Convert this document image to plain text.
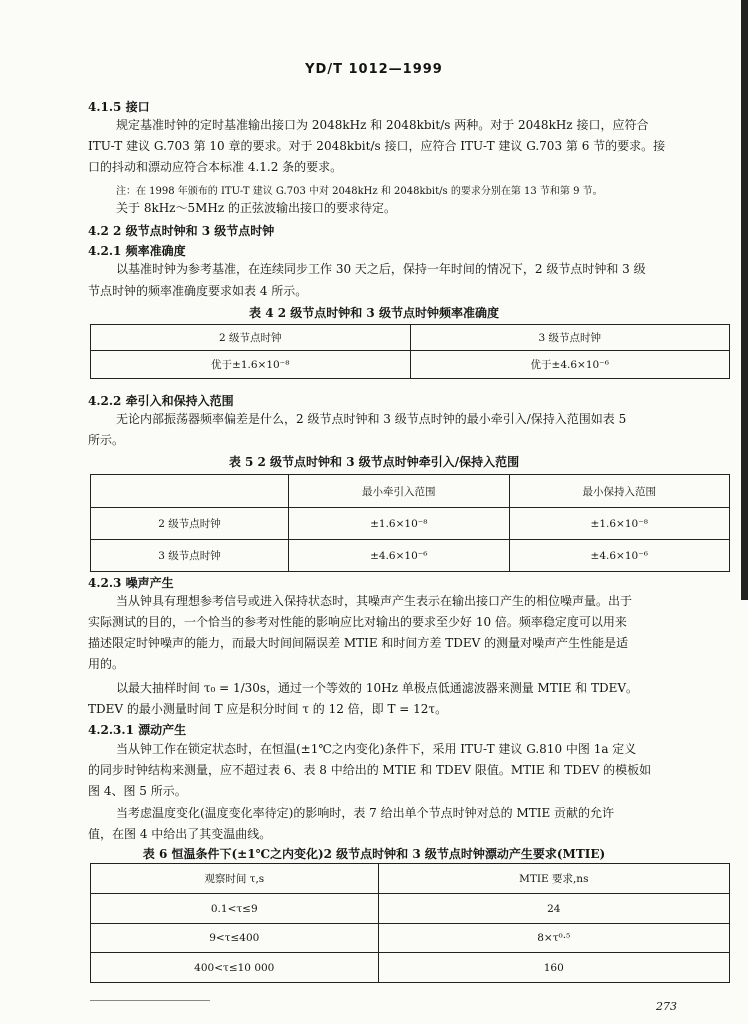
YD/T 1012—1999
4.1.5 接口
规定基准时钟的定时基准输出接口为 2048kHz 和 2048kbit/s 两种。对于 2048kHz 接口，应符合
ITU-T 建议 G.703 第 10 章的要求。对于 2048kbit/s 接口，应符合 ITU-T 建议 G.703 第 6 节的要求。接
口的抖动和漂动应符合本标准 4.1.2 条的要求。
注：在 1998 年颁布的 ITU-T 建议 G.703 中对 2048kHz 和 2048kbit/s 的要求分别在第 13 节和第 9 节。
关于 8kHz～5MHz 的正弦波输出接口的要求待定。
4.2 2 级节点时钟和 3 级节点时钟
4.2.1 频率准确度
以基准时钟为参考基准，在连续同步工作 30 天之后，保持一年时间的情况下，2 级节点时钟和 3 级
节点时钟的频率准确度要求如表 4 所示。
表 4 2 级节点时钟和 3 级节点时钟频率准确度
2 级节点时钟	3 级节点时钟
优于±1.6×10⁻⁸	优于±4.6×10⁻⁶
4.2.2 牵引入和保持入范围
无论内部振荡器频率偏差是什么，2 级节点时钟和 3 级节点时钟的最小牵引入/保持入范围如表 5
所示。
表 5 2 级节点时钟和 3 级节点时钟牵引入/保持入范围
	最小牵引入范围	最小保持入范围
2 级节点时钟	±1.6×10⁻⁸	±1.6×10⁻⁸
3 级节点时钟	±4.6×10⁻⁶	±4.6×10⁻⁶
4.2.3 噪声产生
当从钟具有理想参考信号或进入保持状态时，其噪声产生表示在输出接口产生的相位噪声量。出于
实际测试的目的，一个恰当的参考对性能的影响应比对输出的要求至少好 10 倍。频率稳定度可以用来
描述限定时钟噪声的能力，而最大时间间隔误差 MTIE 和时间方差 TDEV 的测量对噪声产生性能是适
用的。
以最大抽样时间 τ₀ = 1/30s，通过一个等效的 10Hz 单极点低通滤波器来测量 MTIE 和 TDEV。
TDEV 的最小测量时间 T 应是积分时间 τ 的 12 倍，即 T = 12τ。
4.2.3.1 漂动产生
当从钟工作在锁定状态时，在恒温(±1℃之内变化)条件下，采用 ITU-T 建议 G.810 中图 1a 定义
的同步时钟结构来测量，应不超过表 6、表 8 中给出的 MTIE 和 TDEV 限值。MTIE 和 TDEV 的模板如
图 4、图 5 所示。
当考虑温度变化(温度变化率待定)的影响时，表 7 给出单个节点时钟对总的 MTIE 贡献的允许
值，在图 4 中给出了其变温曲线。
表 6 恒温条件下(±1℃之内变化)2 级节点时钟和 3 级节点时钟漂动产生要求(MTIE)
观察时间 τ,s	MTIE 要求,ns
0.1<τ≤9	24
9<τ≤400	8×τ⁰·⁵
400<τ≤10 000	160
273
